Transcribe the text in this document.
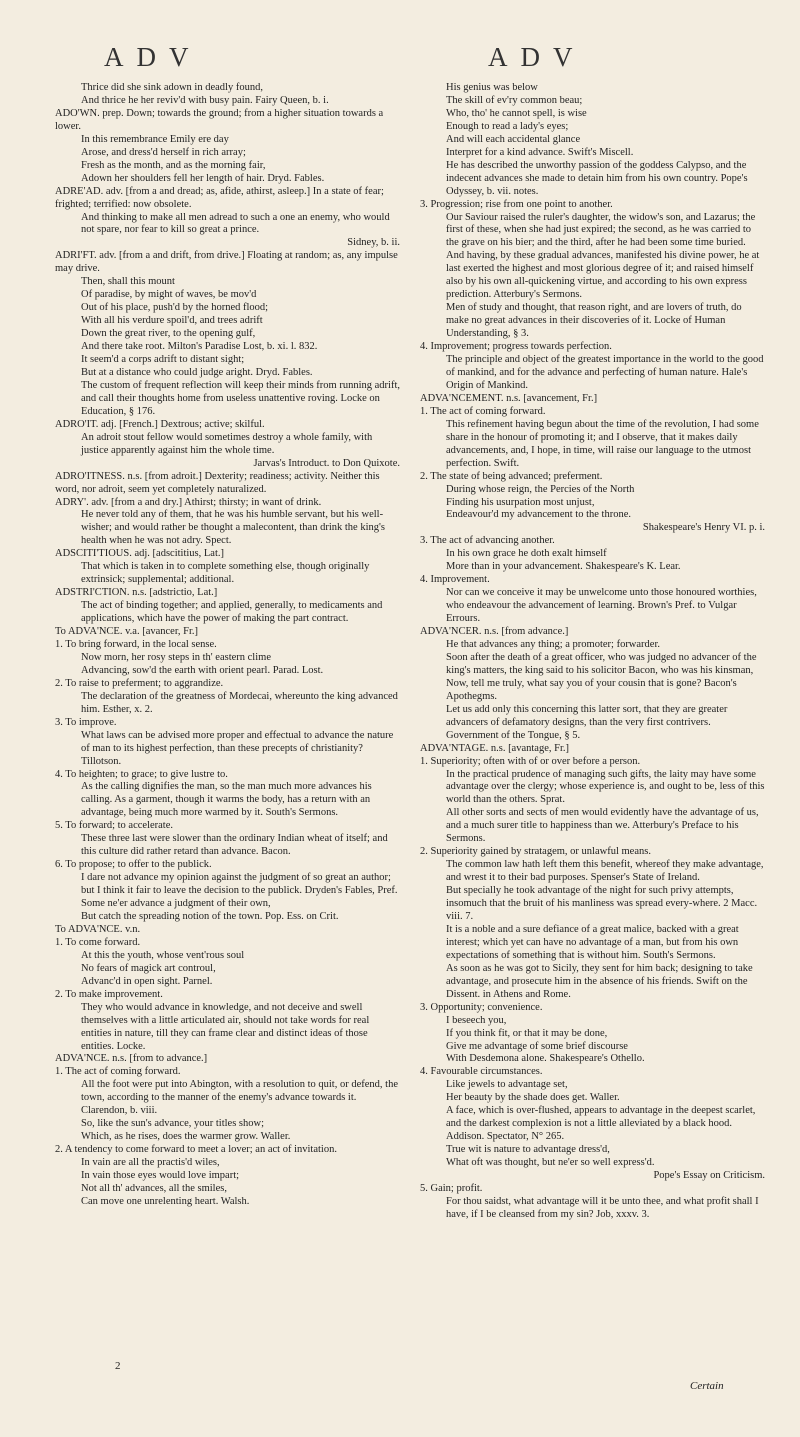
ADV	ADV

Thrice did she sink adown in deadly found,

And thrice he her reviv'd with busy pain. Fairy Queen, b. i.

ADO'WN. prep. Down; towards the ground; from a higher situation towards a lower.

In this remembrance Emily ere day

Arose, and dress'd herself in rich array;

Fresh as the month, and as the morning fair,

Adown her shoulders fell her length of hair. Dryd. Fables.

ADRE'AD. adv. [from a and dread; as, afide, athirst, asleep.] In a state of fear; frighted; terrified: now obsolete.

And thinking to make all men adread to such a one an enemy, who would not spare, nor fear to kill so great a prince.

Sidney, b. ii.

ADRI'FT. adv. [from a and drift, from drive.] Floating at random; as, any impulse may drive.

Then, shall this mount

Of paradise, by might of waves, be mov'd

Out of his place, push'd by the horned flood;

With all his verdure spoil'd, and trees adrift

Down the great river, to the opening gulf,

And there take root. Milton's Paradise Lost, b. xi. l. 832.

It seem'd a corps adrift to distant sight;

But at a distance who could judge aright. Dryd. Fables.

The custom of frequent reflection will keep their minds from running adrift, and call their thoughts home from useless unattentive roving. Locke on Education, § 176.

ADRO'IT. adj. [French.] Dextrous; active; skilful.

An adroit stout fellow would sometimes destroy a whole family, with justice apparently against him the whole time.

Jarvas's Introduct. to Don Quixote.

ADRO'ITNESS. n.s. [from adroit.] Dexterity; readiness; activity. Neither this word, nor adroit, seem yet completely naturalized.

ADRY'. adv. [from a and dry.] Athirst; thirsty; in want of drink.

He never told any of them, that he was his humble servant, but his well-wisher; and would rather be thought a malecontent, than drink the king's health when he was not adry. Spect.

ADSCITI'TIOUS. adj. [adscititius, Lat.]

That which is taken in to complete something else, though originally extrinsick; supplemental; additional.

ADSTRI'CTION. n.s. [adstrictio, Lat.]

The act of binding together; and applied, generally, to medicaments and applications, which have the power of making the part contract.

To ADVA'NCE. v.a. [avancer, Fr.]

1. To bring forward, in the local sense.

Now morn, her rosy steps in th' eastern clime

Advancing, sow'd the earth with orient pearl. Parad. Lost.

2. To raise to preferment; to aggrandize.

The declaration of the greatness of Mordecai, whereunto the king advanced him. Esther, x. 2.

3. To improve.

What laws can be advised more proper and effectual to advance the nature of man to its highest perfection, than these precepts of christianity? Tillotson.

4. To heighten; to grace; to give lustre to.

As the calling dignifies the man, so the man much more advances his calling. As a garment, though it warms the body, has a return with an advantage, being much more warmed by it. South's Sermons.

5. To forward; to accelerate.

These three last were slower than the ordinary Indian wheat of itself; and this culture did rather retard than advance. Bacon.

6. To propose; to offer to the publick.

I dare not advance my opinion against the judgment of so great an author; but I think it fair to leave the decision to the publick. Dryden's Fables, Pref.

Some ne'er advance a judgment of their own,

But catch the spreading notion of the town. Pop. Ess. on Crit.

To ADVA'NCE. v.n.

1. To come forward.

At this the youth, whose vent'rous soul

No fears of magick art controul,

Advanc'd in open sight. Parnel.

2. To make improvement.

They who would advance in knowledge, and not deceive and swell themselves with a little articulated air, should not take words for real entities in nature, till they can frame clear and distinct ideas of those entities. Locke.

ADVA'NCE. n.s. [from to advance.]

1. The act of coming forward.

All the foot were put into Abington, with a resolution to quit, or defend, the town, according to the manner of the enemy's advance towards it. Clarendon, b. viii.

So, like the sun's advance, your titles show;

Which, as he rises, does the warmer grow. Waller.

2. A tendency to come forward to meet a lover; an act of invitation.

In vain are all the practis'd wiles,

In vain those eyes would love impart;

Not all th' advances, all the smiles,

Can move one unrelenting heart. Walsh.

His genius was below

The skill of ev'ry common beau;

Who, tho' he cannot spell, is wise

Enough to read a lady's eyes;

And will each accidental glance

Interpret for a kind advance. Swift's Miscell.

He has described the unworthy passion of the goddess Calypso, and the indecent advances she made to detain him from his own country. Pope's Odyssey, b. vii. notes.

3. Progression; rise from one point to another.

Our Saviour raised the ruler's daughter, the widow's son, and Lazarus; the first of these, when she had just expired; the second, as he was carried to the grave on his bier; and the third, after he had been some time buried. And having, by these gradual advances, manifested his divine power, he at last exerted the highest and most glorious degree of it; and raised himself also by his own all-quickening virtue, and according to his own express prediction. Atterbury's Sermons.

Men of study and thought, that reason right, and are lovers of truth, do make no great advances in their discoveries of it. Locke of Human Understanding, § 3.

4. Improvement; progress towards perfection.

The principle and object of the greatest importance in the world to the good of mankind, and for the advance and perfecting of human nature. Hale's Origin of Mankind.

ADVA'NCEMENT. n.s. [avancement, Fr.]

1. The act of coming forward.

This refinement having begun about the time of the revolution, I had some share in the honour of promoting it; and I observe, that it makes daily advancements, and, I hope, in time, will raise our language to the utmost perfection. Swift.

2. The state of being advanced; preferment.

During whose reign, the Percies of the North

Finding his usurpation most unjust,

Endeavour'd my advancement to the throne.

Shakespeare's Henry VI. p. i.

3. The act of advancing another.

In his own grace he doth exalt himself

More than in your advancement. Shakespeare's K. Lear.

4. Improvement.

Nor can we conceive it may be unwelcome unto those honoured worthies, who endeavour the advancement of learning. Brown's Pref. to Vulgar Errours.

ADVA'NCER. n.s. [from advance.]

He that advances any thing; a promoter; forwarder.

Soon after the death of a great officer, who was judged no advancer of the king's matters, the king said to his solicitor Bacon, who was his kinsman, Now, tell me truly, what say you of your cousin that is gone? Bacon's Apothegms.

Let us add only this concerning this latter sort, that they are greater advancers of defamatory designs, than the very first contrivers. Government of the Tongue, § 5.

ADVA'NTAGE. n.s. [avantage, Fr.]

1. Superiority; often with of or over before a person.

In the practical prudence of managing such gifts, the laity may have some advantage over the clergy; whose experience is, and ought to be, less of this world than the others. Sprat.

All other sorts and sects of men would evidently have the advantage of us, and a much surer title to happiness than we. Atterbury's Preface to his Sermons.

2. Superiority gained by stratagem, or unlawful means.

The common law hath left them this benefit, whereof they make advantage, and wrest it to their bad purposes. Spenser's State of Ireland.

But specially he took advantage of the night for such privy attempts, insomuch that the bruit of his manliness was spread every-where. 2 Macc. viii. 7.

It is a noble and a sure defiance of a great malice, backed with a great interest; which yet can have no advantage of a man, but from his own expectations of something that is without him. South's Sermons.

As soon as he was got to Sicily, they sent for him back; designing to take advantage, and prosecute him in the absence of his friends. Swift on the Dissent. in Athens and Rome.

3. Opportunity; convenience.

I beseech you,

If you think fit, or that it may be done,

Give me advantage of some brief discourse

With Desdemona alone. Shakespeare's Othello.

4. Favourable circumstances.

Like jewels to advantage set,

Her beauty by the shade does get. Waller.

A face, which is over-flushed, appears to advantage in the deepest scarlet, and the darkest complexion is not a little alleviated by a black hood. Addison. Spectator, N° 265.

True wit is nature to advantage dress'd,

What oft was thought, but ne'er so well express'd.

Pope's Essay on Criticism.

5. Gain; profit.

For thou saidst, what advantage will it be unto thee, and what profit shall I have, if I be cleansed from my sin? Job, xxxv. 3.

2
Certain
